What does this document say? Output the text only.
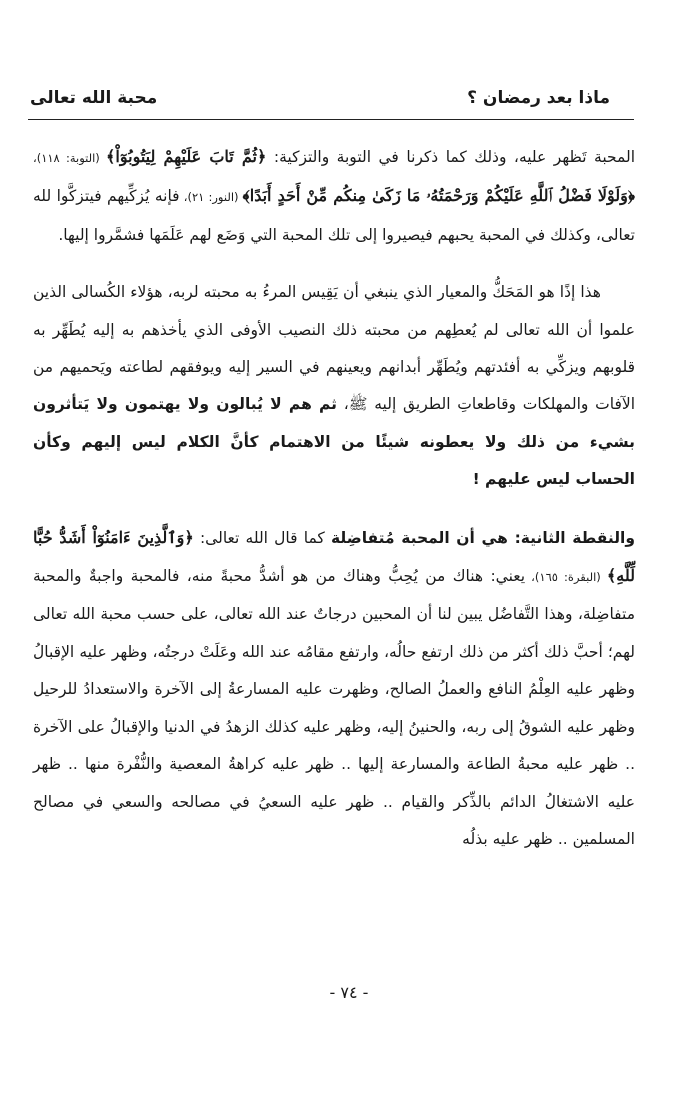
ماذا بعد رمضان ؟
محبة الله تعالى

المحبة تَظهر عليه، وذلك كما ذكرنا في التوبة والتزكية: ﴿ثُمَّ تَابَ عَلَيْهِمْ لِيَتُوبُوٓاْ﴾ (التوبة: ١١٨)، ﴿وَلَوْلَا فَضْلُ ٱللَّهِ عَلَيْكُمْ وَرَحْمَتُهُۥ مَا زَكَىٰ مِنكُم مِّنْ أَحَدٍ أَبَدًا﴾ (النور: ٢١)، فإنه يُزكِّيهم فيتزكَّوا لله تعالى، وكذلك في المحبة يحبهم فيصيروا إلى تلك المحبة التي وَضَع لهم عَلَمَها فشمَّروا إليها.

هذا إذًا هو المَحَكُّ والمعيار الذي ينبغي أن يَقِيس المرءُ به محبته لربه، هؤلاء الكُسالى الذين علموا أن الله تعالى لم يُعطِهم من محبته ذلك النصيب الأوفى الذي يأخذهم به إليه يُطَهِّر به قلوبهم ويزكِّي به أفئدتهم ويُطَهِّر أبدانهم ويعينهم في السير إليه ويوفقهم لطاعته ويَحميهم من الآفات والمهلكات وقاطعاتِ الطريق إليه ﷺ، ثم هم لا يُبالون ولا يهتمون ولا يَتأثرون بشيء من ذلك ولا يعطونه شيئًا من الاهتمام كأنَّ الكلام ليس إليهم وكأن الحساب ليس عليهم !

والنقطة الثانية: هي أن المحبة مُتفاضِلة كما قال الله تعالى: ﴿وَٱلَّذِينَ ءَامَنُوٓاْ أَشَدُّ حُبًّا لِّلَّهِ﴾ (البقرة: ١٦٥)، يعني: هناك من يُحِبُّ وهناك من هو أشدُّ محبةً منه، فالمحبة واجبةٌ والمحبة متفاضِلة، وهذا التَّفاضُل يبين لنا أن المحبين درجاتٌ عند الله تعالى، على حسب محبة الله تعالى لهم؛ أحبَّ ذلك أكثر من ذلك ارتفع حالُه، وارتفع مقامُه عند الله وعَلَتْ درجتُه، وظهر عليه الإقبالُ وظهر عليه العِلْمُ النافع والعملُ الصالح، وظهرت عليه المسارعةُ إلى الآخرة والاستعدادُ للرحيل وظهر عليه الشوقُ إلى ربه، والحنينُ إليه، وظهر عليه كذلك الزهدُ في الدنيا والإقبالُ على الآخرة .. ظهر عليه محبةُ الطاعة والمسارعة إليها .. ظهر عليه كراهةُ المعصية والنُّفْرة منها .. ظهر عليه الاشتغالُ الدائم بالذِّكر والقيام .. ظهر عليه السعيُ في مصالحه والسعي في مصالح المسلمين .. ظهر عليه بذلُه

- ٧٤ -
